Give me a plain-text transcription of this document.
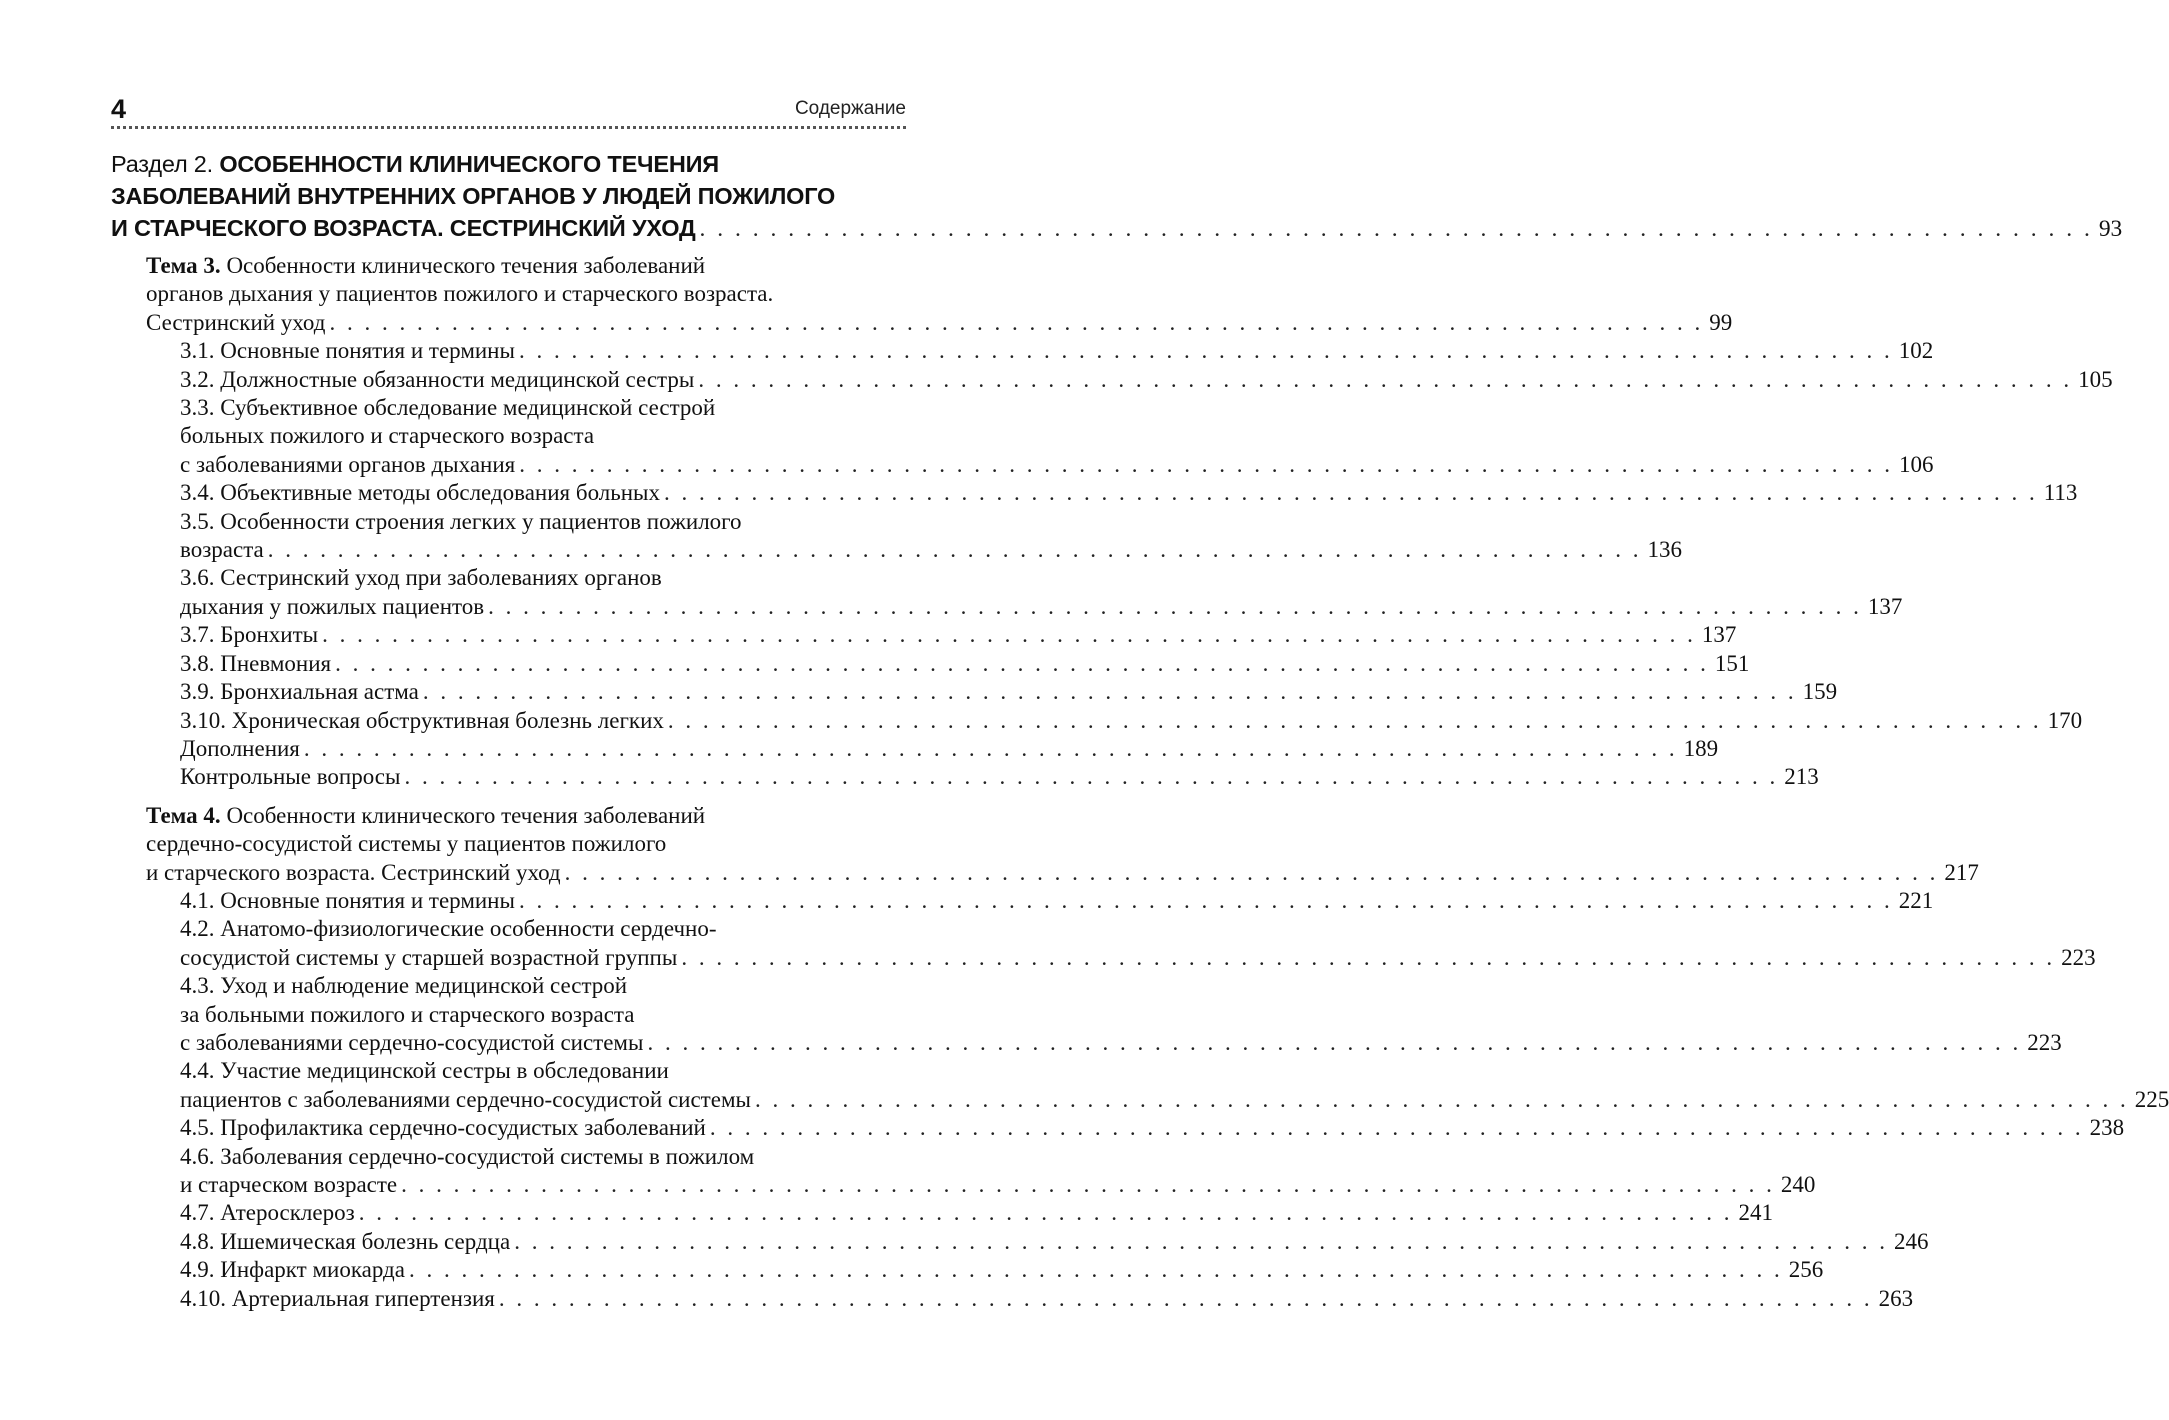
4	Содержание
Раздел 2. ОСОБЕННОСТИ КЛИНИЧЕСКОГО ТЕЧЕНИЯ
ЗАБОЛЕВАНИЙ ВНУТРЕННИХ ОРГАНОВ У ЛЮДЕЙ ПОЖИЛОГО
И СТАРЧЕСКОГО ВОЗРАСТА. СЕСТРИНСКИЙ УХОД . . . . . . . . . . . . . . . . . . . . . . . . . . . . . . . . . . . . . . . . . . . . . . . . . . . . . . . . . . . . . . . . . . . . . . . . . . . . . . . 93
Тема 3. Особенности клинического течения заболеваний
органов дыхания у пациентов пожилого и старческого возраста.
Сестринский уход . . . . . . . . . . . . . . . . . . . . . . . . . . . . . . . . . . . . . . . . . . . . . . . . . . . . . . . . . . . . . . . . . . . . . . . . . . . . . . . 99
3.1. Основные понятия и термины . . . . . . . . . . . . . . . . . . . . . . . . . . . . . . . . . . . . . . . . . . . . . . . . . . . . . . . . . . . . . . . . . . . . . . . . . . . . . . . 102
3.2. Должностные обязанности медицинской сестры . . . . . . . . . . . . . . . . . . . . . . . . . . . . . . . . . . . . . . . . . . . . . . . . . . . . . . . . . . . . . . . . . . . . . . . . . . . . . . . 105
3.3. Субъективное обследование медицинской сестрой
больных пожилого и старческого возраста
с заболеваниями органов дыхания . . . . . . . . . . . . . . . . . . . . . . . . . . . . . . . . . . . . . . . . . . . . . . . . . . . . . . . . . . . . . . . . . . . . . . . . . . . . . . . 106
3.4. Объективные методы обследования больных . . . . . . . . . . . . . . . . . . . . . . . . . . . . . . . . . . . . . . . . . . . . . . . . . . . . . . . . . . . . . . . . . . . . . . . . . . . . . . . 113
3.5. Особенности строения легких у пациентов пожилого
возраста . . . . . . . . . . . . . . . . . . . . . . . . . . . . . . . . . . . . . . . . . . . . . . . . . . . . . . . . . . . . . . . . . . . . . . . . . . . . . . . 136
3.6. Сестринский уход при заболеваниях органов
дыхания у пожилых пациентов . . . . . . . . . . . . . . . . . . . . . . . . . . . . . . . . . . . . . . . . . . . . . . . . . . . . . . . . . . . . . . . . . . . . . . . . . . . . . . . 137
3.7. Бронхиты . . . . . . . . . . . . . . . . . . . . . . . . . . . . . . . . . . . . . . . . . . . . . . . . . . . . . . . . . . . . . . . . . . . . . . . . . . . . . . . 137
3.8. Пневмония . . . . . . . . . . . . . . . . . . . . . . . . . . . . . . . . . . . . . . . . . . . . . . . . . . . . . . . . . . . . . . . . . . . . . . . . . . . . . . . 151
3.9. Бронхиальная астма . . . . . . . . . . . . . . . . . . . . . . . . . . . . . . . . . . . . . . . . . . . . . . . . . . . . . . . . . . . . . . . . . . . . . . . . . . . . . . . 159
3.10. Хроническая обструктивная болезнь легких . . . . . . . . . . . . . . . . . . . . . . . . . . . . . . . . . . . . . . . . . . . . . . . . . . . . . . . . . . . . . . . . . . . . . . . . . . . . . . . 170
Дополнения . . . . . . . . . . . . . . . . . . . . . . . . . . . . . . . . . . . . . . . . . . . . . . . . . . . . . . . . . . . . . . . . . . . . . . . . . . . . . . . 189
Контрольные вопросы . . . . . . . . . . . . . . . . . . . . . . . . . . . . . . . . . . . . . . . . . . . . . . . . . . . . . . . . . . . . . . . . . . . . . . . . . . . . . . . 213
Тема 4. Особенности клинического течения заболеваний
сердечно-сосудистой системы у пациентов пожилого
и старческого возраста. Сестринский уход . . . . . . . . . . . . . . . . . . . . . . . . . . . . . . . . . . . . . . . . . . . . . . . . . . . . . . . . . . . . . . . . . . . . . . . . . . . . . . . 217
4.1. Основные понятия и термины . . . . . . . . . . . . . . . . . . . . . . . . . . . . . . . . . . . . . . . . . . . . . . . . . . . . . . . . . . . . . . . . . . . . . . . . . . . . . . . 221
4.2. Анатомо-физиологические особенности сердечно-
сосудистой системы у старшей возрастной группы . . . . . . . . . . . . . . . . . . . . . . . . . . . . . . . . . . . . . . . . . . . . . . . . . . . . . . . . . . . . . . . . . . . . . . . . . . . . . . . 223
4.3. Уход и наблюдение медицинской сестрой
за больными пожилого и старческого возраста
с заболеваниями сердечно-сосудистой системы . . . . . . . . . . . . . . . . . . . . . . . . . . . . . . . . . . . . . . . . . . . . . . . . . . . . . . . . . . . . . . . . . . . . . . . . . . . . . . . 223
4.4. Участие медицинской сестры в обследовании
пациентов с заболеваниями сердечно-сосудистой системы . . . . . . . . . . . . . . . . . . . . . . . . . . . . . . . . . . . . . . . . . . . . . . . . . . . . . . . . . . . . . . . . . . . . . . . . . . . . . . . 225
4.5. Профилактика сердечно-сосудистых заболеваний . . . . . . . . . . . . . . . . . . . . . . . . . . . . . . . . . . . . . . . . . . . . . . . . . . . . . . . . . . . . . . . . . . . . . . . . . . . . . . . 238
4.6. Заболевания сердечно-сосудистой системы в пожилом
и старческом возрасте . . . . . . . . . . . . . . . . . . . . . . . . . . . . . . . . . . . . . . . . . . . . . . . . . . . . . . . . . . . . . . . . . . . . . . . . . . . . . . . 240
4.7. Атеросклероз . . . . . . . . . . . . . . . . . . . . . . . . . . . . . . . . . . . . . . . . . . . . . . . . . . . . . . . . . . . . . . . . . . . . . . . . . . . . . . . 241
4.8. Ишемическая болезнь сердца . . . . . . . . . . . . . . . . . . . . . . . . . . . . . . . . . . . . . . . . . . . . . . . . . . . . . . . . . . . . . . . . . . . . . . . . . . . . . . . 246
4.9. Инфаркт миокарда . . . . . . . . . . . . . . . . . . . . . . . . . . . . . . . . . . . . . . . . . . . . . . . . . . . . . . . . . . . . . . . . . . . . . . . . . . . . . . . 256
4.10. Артериальная гипертензия . . . . . . . . . . . . . . . . . . . . . . . . . . . . . . . . . . . . . . . . . . . . . . . . . . . . . . . . . . . . . . . . . . . . . . . . . . . . . . . 263
